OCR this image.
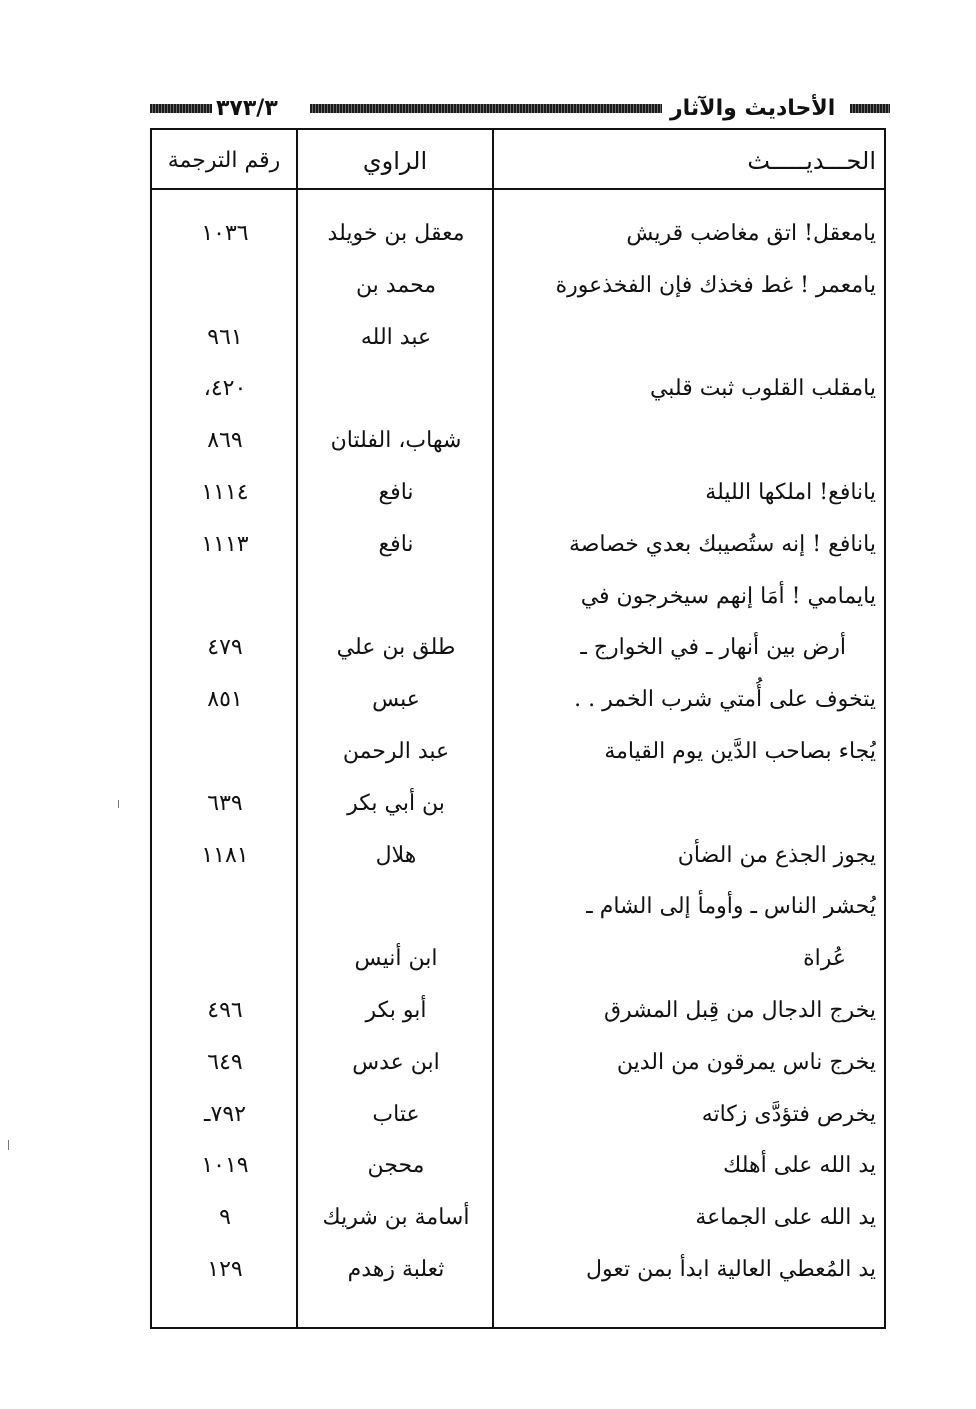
٣٧٣/٣	الأحاديث والآثار
الحـــديـــــث
الراوي
رقم الترجمة
يامعقل! اتق مغاضب قريش
معقل بن خويلد
١٠٣٦
يامعمر ! غط فخذك فإن الفخذعورة
محمد بن
عبد الله
٩٦١
يامقلب القلوب ثبت قلبي
٤٢٠،
شهاب، الفلتان
٨٦٩
يانافع! املكها الليلة
نافع
١١١٤
يانافع ! إنه ستُصيبك بعدي خصاصة
نافع
١١١٣
يايمامي ! أمَا إنهم سيخرجون في
أرض بين أنهار ـ في الخوارج ـ
طلق بن علي
٤٧٩
يتخوف على أُمتي شرب الخمر . .
عبس
٨٥١
يُجاء بصاحب الدَّين يوم القيامة
عبد الرحمن
بن أبي بكر
٦٣٩
يجوز الجذع من الضأن
هلال
١١٨١
يُحشر الناس ـ وأومأ إلى الشام ـ
عُراة
ابن أنيس
يخرج الدجال من قِبل المشرق
أبو بكر
٤٩٦
يخرج ناس يمرقون من الدين
ابن عدس
٦٤٩
يخرص فتؤدَّى زكاته
عتاب
٧٩٢ـ
يد الله على أهلك
محجن
١٠١٩
يد الله على الجماعة
أسامة بن شريك
٩
يد المُعطي العالية ابدأ بمن تعول
ثعلبة زهدم
١٢٩
